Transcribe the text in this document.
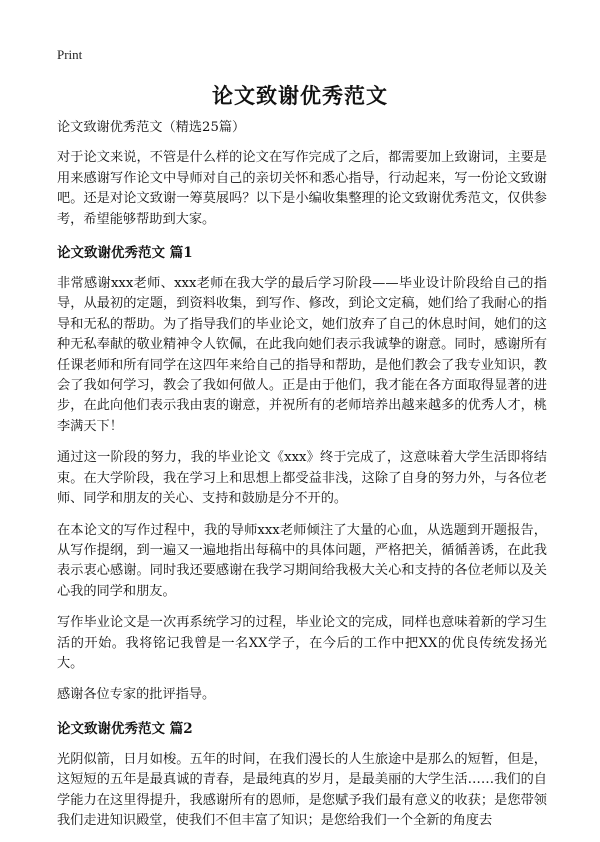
Print
论文致谢优秀范文

论文致谢优秀范文（精选25篇）

对于论文来说，不管是什么样的论文在写作完成了之后，都需要加上致谢词，主要是用来感谢写作论文中导师对自己的亲切关怀和悉心指导，行动起来，写一份论文致谢吧。还是对论文致谢一筹莫展吗？以下是小编收集整理的论文致谢优秀范文，仅供参考，希望能够帮助到大家。

论文致谢优秀范文 篇1

非常感谢xxx老师、xxx老师在我大学的最后学习阶段——毕业设计阶段给自己的指导，从最初的定题，到资料收集，到写作、修改，到论文定稿，她们给了我耐心的指导和无私的帮助。为了指导我们的毕业论文，她们放弃了自己的休息时间，她们的这种无私奉献的敬业精神令人钦佩，在此我向她们表示我诚挚的谢意。同时，感谢所有任课老师和所有同学在这四年来给自己的指导和帮助，是他们教会了我专业知识，教会了我如何学习，教会了我如何做人。正是由于他们，我才能在各方面取得显著的进步，在此向他们表示我由衷的谢意，并祝所有的老师培养出越来越多的优秀人才，桃李满天下！

通过这一阶段的努力，我的毕业论文《xxx》终于完成了，这意味着大学生活即将结束。在大学阶段，我在学习上和思想上都受益非浅，这除了自身的努力外，与各位老师、同学和朋友的关心、支持和鼓励是分不开的。

在本论文的写作过程中，我的导师xxx老师倾注了大量的心血，从选题到开题报告，从写作提纲，到一遍又一遍地指出每稿中的具体问题，严格把关，循循善诱，在此我表示衷心感谢。同时我还要感谢在我学习期间给我极大关心和支持的各位老师以及关心我的同学和朋友。

写作毕业论文是一次再系统学习的过程，毕业论文的完成，同样也意味着新的学习生活的开始。我将铭记我曾是一名XX学子，在今后的工作中把XX的优良传统发扬光大。

感谢各位专家的批评指导。

论文致谢优秀范文 篇2

光阴似箭，日月如梭。五年的时间，在我们漫长的人生旅途中是那么的短暂，但是，这短短的五年是最真诚的青春，是最纯真的岁月，是最美丽的大学生活……我们的自学能力在这里得提升，我感谢所有的恩师，是您赋予我们最有意义的收获；是您带领我们走进知识殿堂，使我们不但丰富了知识；是您给我们一个全新的角度去
